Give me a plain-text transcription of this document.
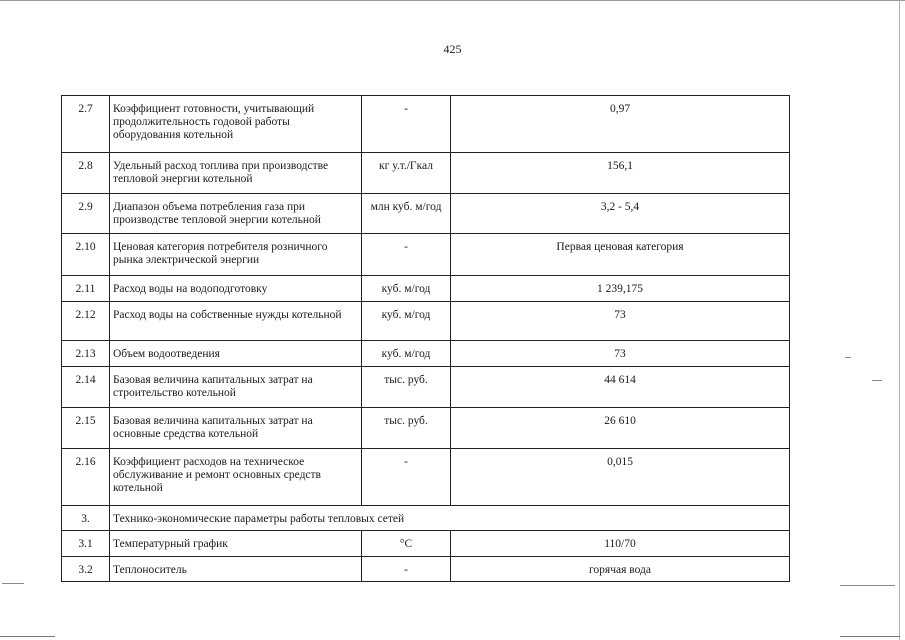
425
2.7	Коэффициент готовности, учитывающий продолжительность годовой работы оборудования котельной	-	0,97
2.8	Удельный расход топлива при производстве тепловой энергии котельной	кг у.т./Гкал	156,1
2.9	Диапазон объема потребления газа при производстве тепловой энергии котельной	млн куб. м/год	3,2 - 5,4
2.10	Ценовая категория потребителя розничного рынка электрической энергии	-	Первая ценовая категория
2.11	Расход воды на водоподготовку	куб. м/год	1 239,175
2.12	Расход воды на собственные нужды котельной	куб. м/год	73
2.13	Объем водоотведения	куб. м/год	73
2.14	Базовая величина капитальных затрат на строительство котельной	тыс. руб.	44 614
2.15	Базовая величина капитальных затрат на основные средства котельной	тыс. руб.	26 610
2.16	Коэффициент расходов на техническое обслуживание и ремонт основных средств котельной	-	0,015
3.	Технико-экономические параметры работы тепловых сетей		
3.1	Температурный график	°С	110/70
3.2	Теплоноситель	-	горячая вода
